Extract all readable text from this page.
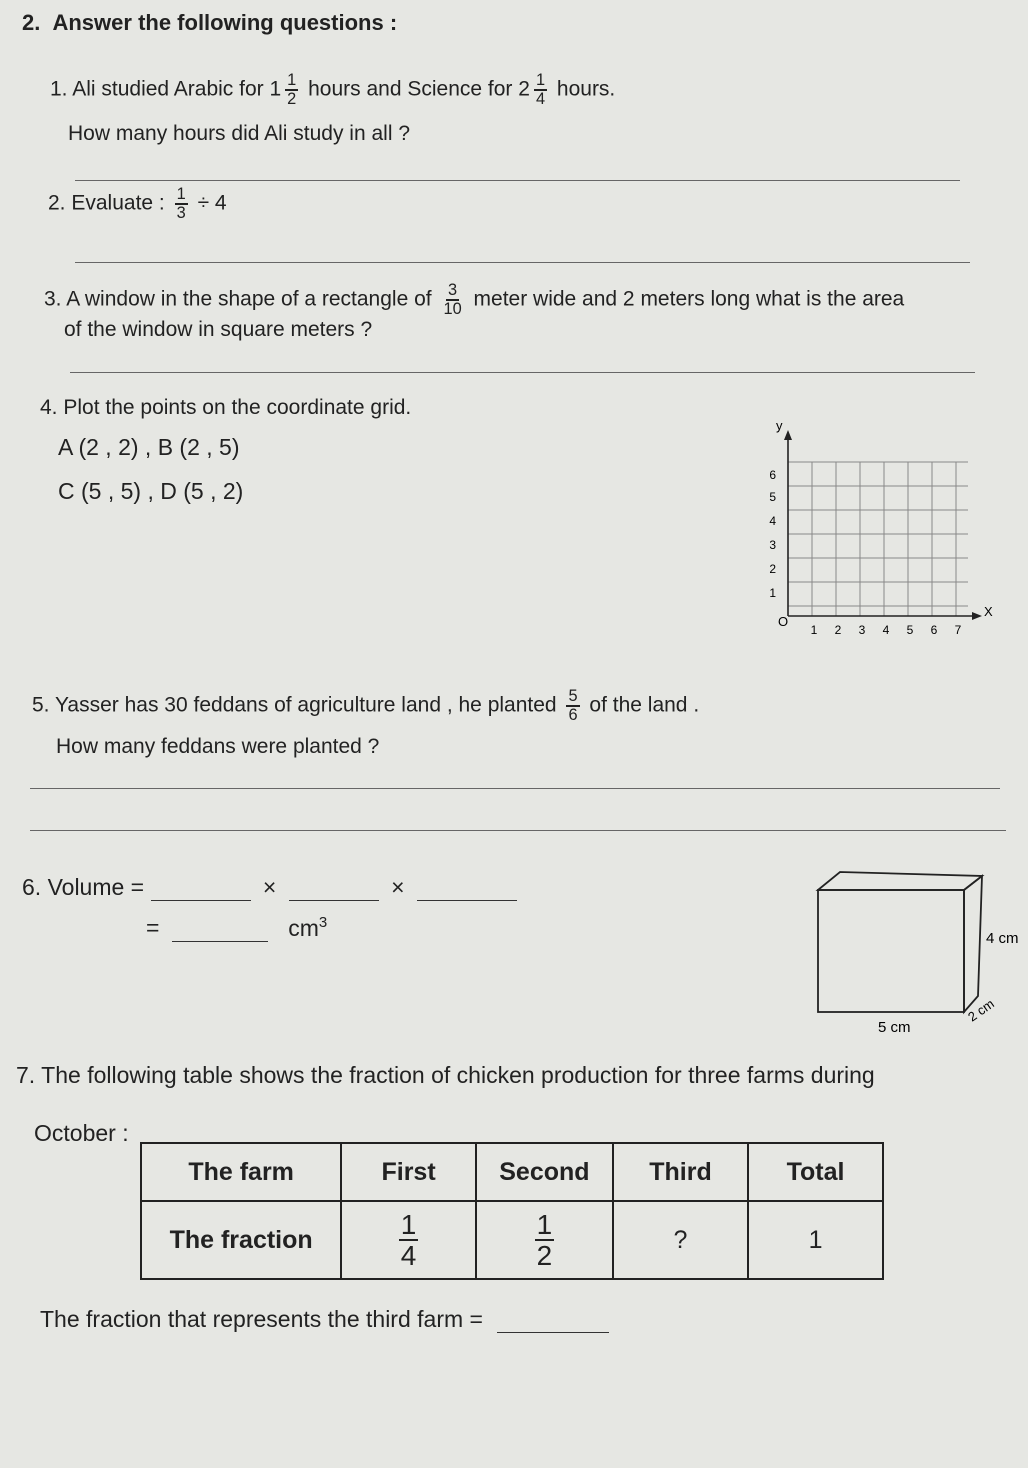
2. Answer the following questions :
1. Ali studied Arabic for $1 \frac{1}{2}$ hours and Science for $2 \frac{1}{4}$ hours.
How many hours did Ali study in all ?
2. Evaluate : $\frac{1}{3} \div 4$
3. A window in the shape of a rectangle of $\frac{3}{10}$ meter wide and 2 meters long what is the area
of the window in square meters ?
4. Plot the points on the coordinate grid.
A (2 , 2) , B (2 , 5)
C (5 , 5) , D (5 , 2)
y
X
O
1 2 3 4 5 6 7
1
2
3
4
5
6
5. Yasser has 30 feddans of agriculture land , he planted $\frac{5}{6}$ of the land .
How many feddans were planted ?
6. Volume =	×	×
=	$cm^3$
4 cm
5 cm
2 cm
7. The following table shows the fraction of chicken production for three farms during
October :
The farm	First	Second	Third	Total
The fraction	$\frac{1}{4}$	$\frac{1}{2}$	?	1
The fraction that represents the third farm =
